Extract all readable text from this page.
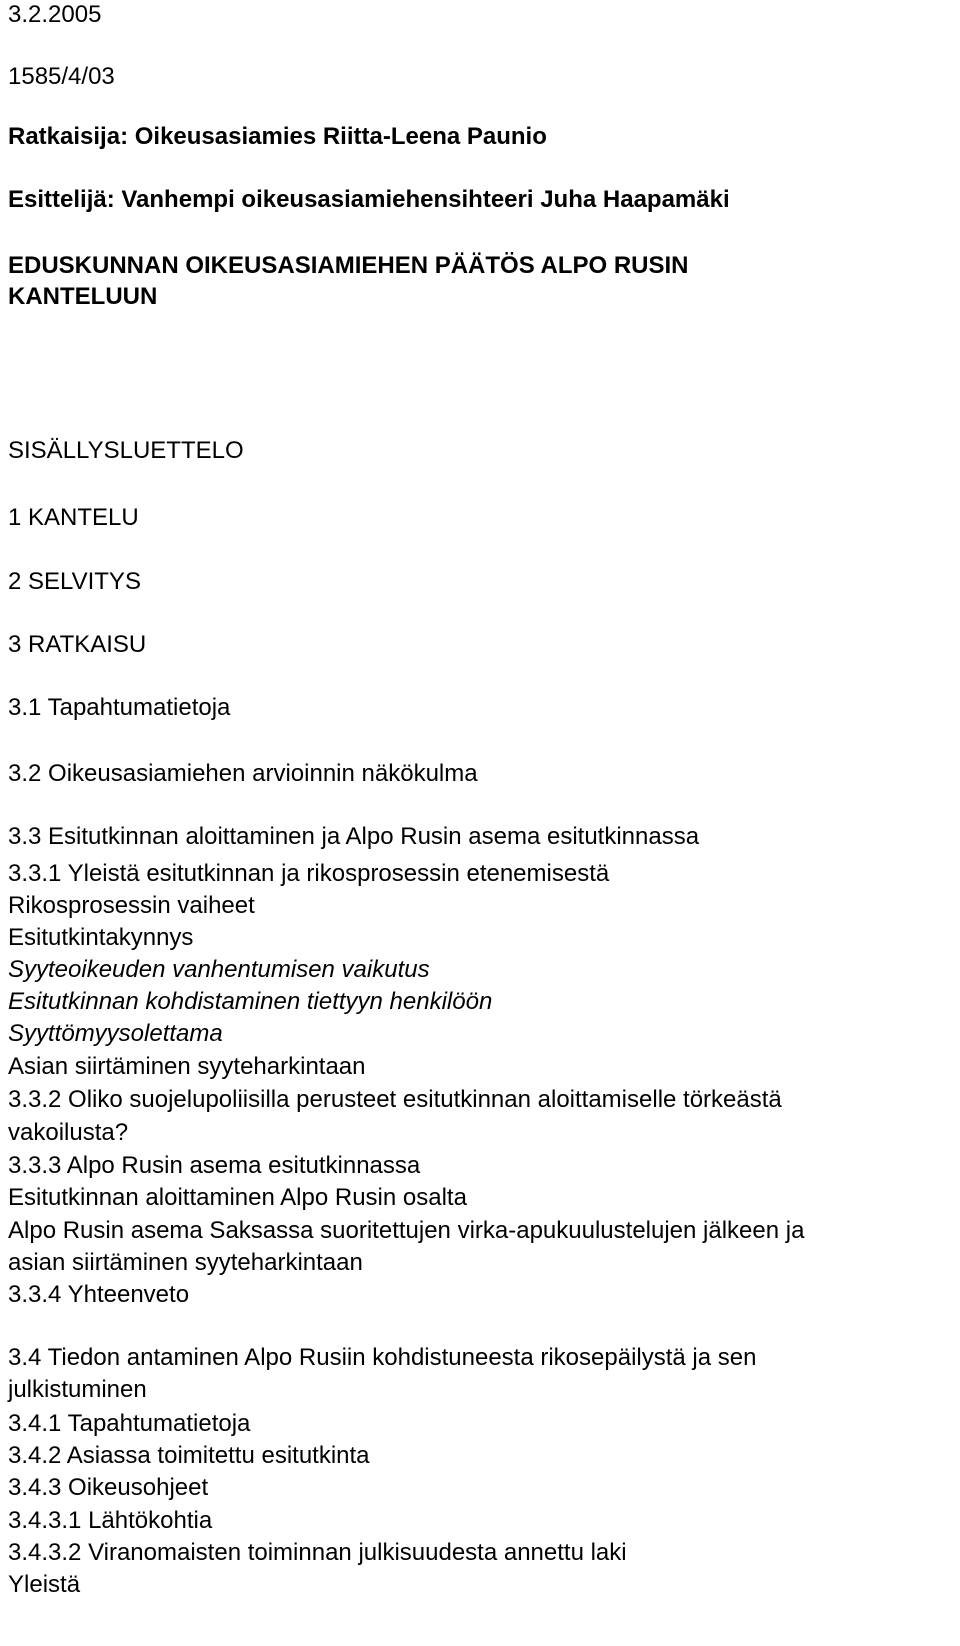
3.2.2005

1585/4/03

Ratkaisija: Oikeusasiamies Riitta-Leena Paunio

Esittelijä: Vanhempi oikeusasiamiehensihteeri Juha Haapamäki

EDUSKUNNAN OIKEUSASIAMIEHEN PÄÄTÖS ALPO RUSIN

KANTELUUN

SISÄLLYSLUETTELO

1 KANTELU

2 SELVITYS

3 RATKAISU

3.1 Tapahtumatietoja

3.2 Oikeusasiamiehen arvioinnin näkökulma

3.3 Esitutkinnan aloittaminen ja Alpo Rusin asema esitutkinnassa

3.3.1 Yleistä esitutkinnan ja rikosprosessin etenemisestä

Rikosprosessin vaiheet

Esitutkintakynnys

Syyteoikeuden vanhentumisen vaikutus

Esitutkinnan kohdistaminen tiettyyn henkilöön

Syyttömyysolettama

Asian siirtäminen syyteharkintaan

3.3.2 Oliko suojelupoliisilla perusteet esitutkinnan aloittamiselle törkeästä

vakoilusta?

3.3.3 Alpo Rusin asema esitutkinnassa

Esitutkinnan aloittaminen Alpo Rusin osalta

Alpo Rusin asema Saksassa suoritettujen virka-apukuulustelujen jälkeen ja

asian siirtäminen syyteharkintaan

3.3.4 Yhteenveto

3.4 Tiedon antaminen Alpo Rusiin kohdistuneesta rikosepäilystä ja sen

julkistuminen

3.4.1 Tapahtumatietoja

3.4.2 Asiassa toimitettu esitutkinta

3.4.3 Oikeusohjeet

3.4.3.1 Lähtökohtia

3.4.3.2 Viranomaisten toiminnan julkisuudesta annettu laki

Yleistä
